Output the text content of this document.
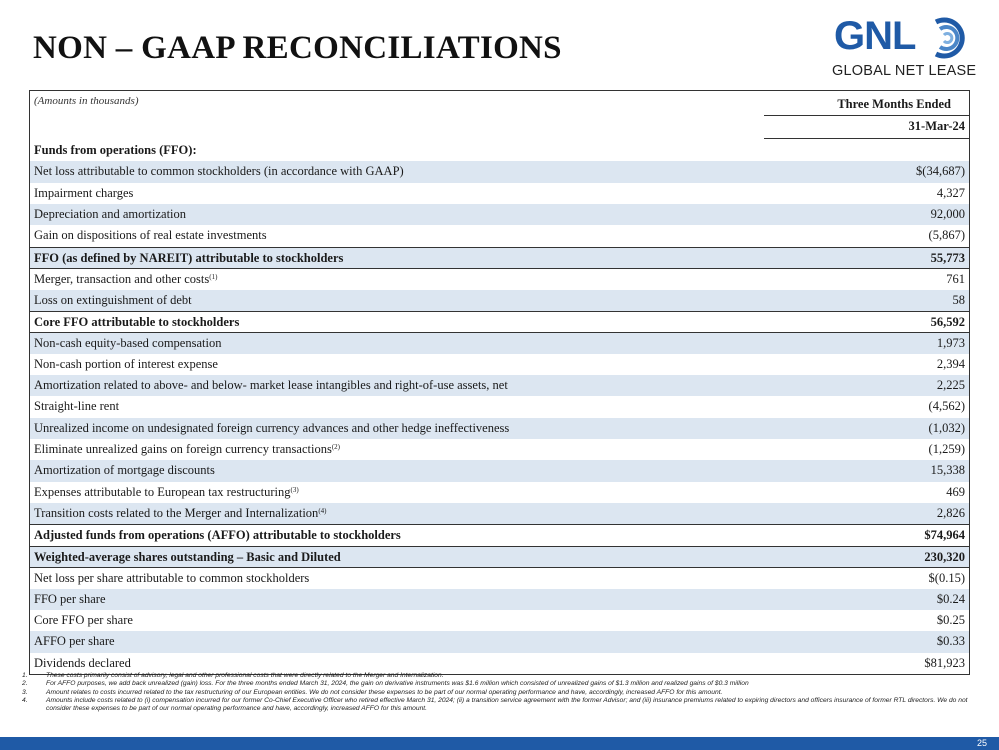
NON – GAAP RECONCILIATIONS	GNL
GLOBAL NET LEASE
(Amounts in thousands)	Three Months Ended
31-Mar-24
Funds from operations (FFO):
Net loss attributable to common stockholders (in accordance with GAAP)	$(34,687)
Impairment charges	4,327
Depreciation and amortization	92,000
Gain on dispositions of real estate investments	(5,867)
FFO (as defined by NAREIT) attributable to stockholders	55,773
Merger, transaction and other costs$^{(1)}$	761
Loss on extinguishment of debt	58
Core FFO attributable to stockholders	56,592
Non-cash equity-based compensation	1,973
Non-cash portion of interest expense	2,394
Amortization related to above- and below- market lease intangibles and right-of-use assets, net	2,225
Straight-line rent	(4,562)
Unrealized income on undesignated foreign currency advances and other hedge ineffectiveness	(1,032)
Eliminate unrealized gains on foreign currency transactions$^{(2)}$	(1,259)
Amortization of mortgage discounts	15,338
Expenses attributable to European tax restructuring$^{(3)}$	469
Transition costs related to the Merger and Internalization$^{(4)}$	2,826
Adjusted funds from operations (AFFO) attributable to stockholders	$74,964
Weighted-average shares outstanding – Basic and Diluted	230,320
Net loss per share attributable to common stockholders	$(0.15)
FFO per share	$0.24
Core FFO per share	$0.25
AFFO per share	$0.33
Dividends declared	$81,923
1.	These costs primarily consist of advisory, legal and other professional costs that were directly related to the Merger and Internalization.
2.	For AFFO purposes, we add back unrealized (gain) loss. For the three months ended March 31, 2024, the gain on derivative instruments was $1.6 million which consisted of unrealized gains of $1.3 million and realized gains of $0.3 million
3.	Amount relates to costs incurred related to the tax restructuring of our European entities. We do not consider these expenses to be part of our normal operating performance and have, accordingly, increased AFFO for this amount.
4.	Amounts include costs related to (i) compensation incurred for our former Co-Chief Executive Officer who retired effective March 31, 2024; (ii) a transition service agreement with the former Advisor; and (iii) insurance premiums related to expiring directors and officers insurance of former RTL directors. We do not consider these expenses to be part of our normal operating performance and have, accordingly, increased AFFO for this amount.
25
